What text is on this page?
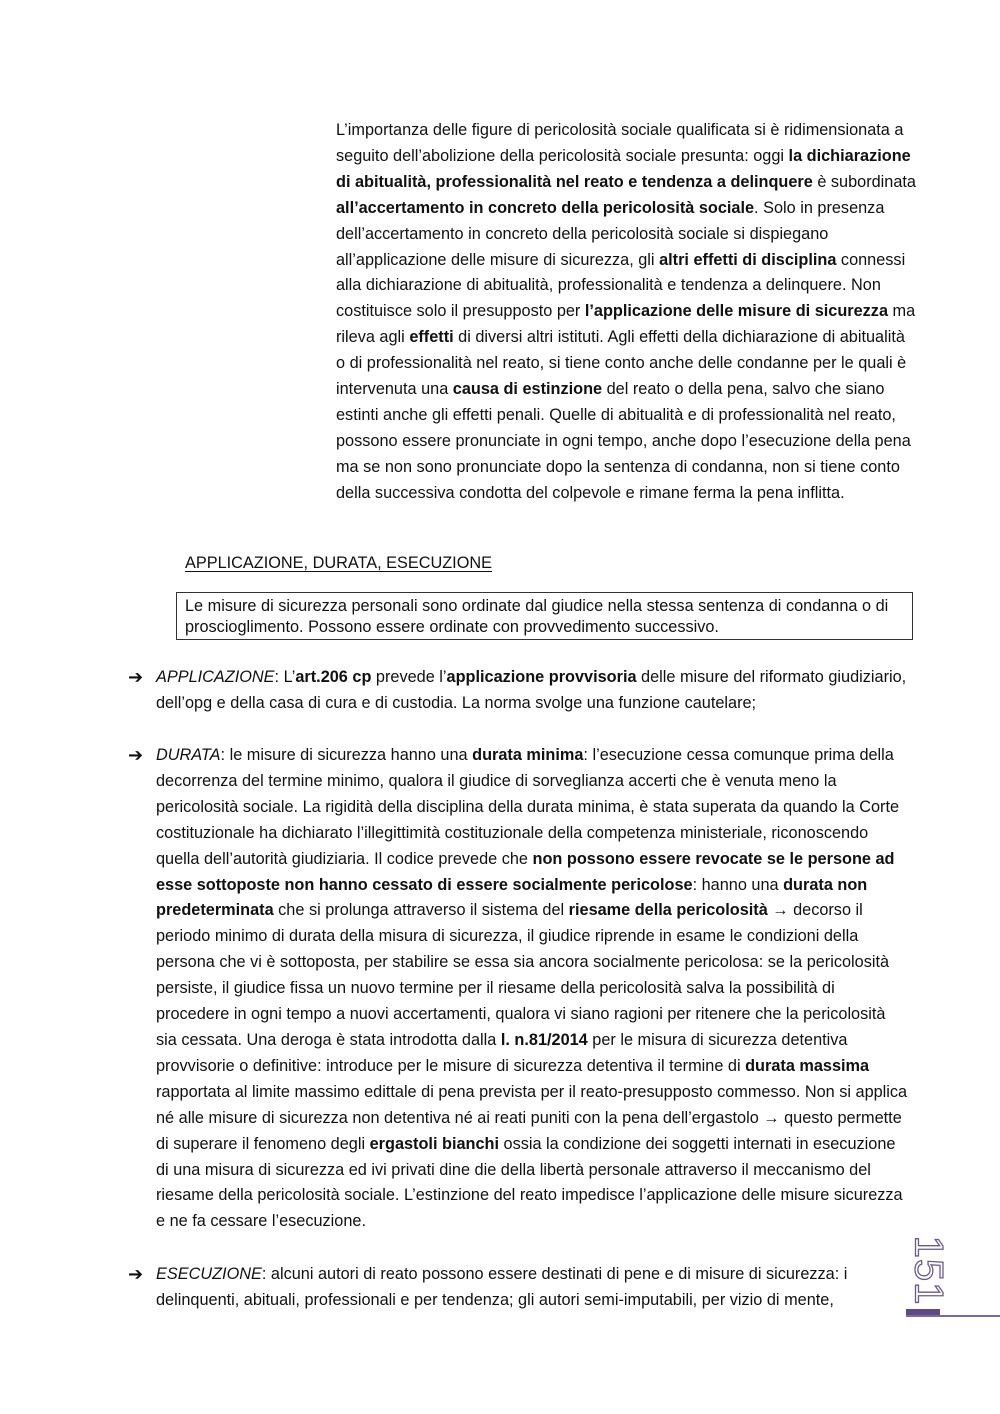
L’importanza delle figure di pericolosità sociale qualificata si è ridimensionata a seguito dell’abolizione della pericolosità sociale presunta: oggi la dichiarazione di abitualità, professionalità nel reato e tendenza a delinquere è subordinata all’accertamento in concreto della pericolosità sociale. Solo in presenza dell’accertamento in concreto della pericolosità sociale si dispiegano all’applicazione delle misure di sicurezza, gli altri effetti di disciplina connessi alla dichiarazione di abitualità, professionalità e tendenza a delinquere. Non costituisce solo il presupposto per l’applicazione delle misure di sicurezza ma rileva agli effetti di diversi altri istituti. Agli effetti della dichiarazione di abitualità o di professionalità nel reato, si tiene conto anche delle condanne per le quali è intervenuta una causa di estinzione del reato o della pena, salvo che siano estinti anche gli effetti penali. Quelle di abitualità e di professionalità nel reato, possono essere pronunciate in ogni tempo, anche dopo l’esecuzione della pena ma se non sono pronunciate dopo la sentenza di condanna, non si tiene conto della successiva condotta del colpevole e rimane ferma la pena inflitta.
APPLICAZIONE, DURATA, ESECUZIONE
Le misure di sicurezza personali sono ordinate dal giudice nella stessa sentenza di condanna o di proscioglimento. Possono essere ordinate con provvedimento successivo.
➔ APPLICAZIONE: L’art.206 cp prevede l’applicazione provvisoria delle misure del riformato giudiziario, dell’opg e della casa di cura e di custodia. La norma svolge una funzione cautelare;
➔ DURATA: le misure di sicurezza hanno una durata minima: l’esecuzione cessa comunque prima della decorrenza del termine minimo, qualora il giudice di sorveglianza accerti che è venuta meno la pericolosità sociale. La rigidità della disciplina della durata minima, è stata superata da quando la Corte costituzionale ha dichiarato l’illegittimità costituzionale della competenza ministeriale, riconoscendo quella dell’autorità giudiziaria. Il codice prevede che non possono essere revocate se le persone ad esse sottoposte non hanno cessato di essere socialmente pericolose: hanno una durata non predeterminata che si prolunga attraverso il sistema del riesame della pericolosità → decorso il periodo minimo di durata della misura di sicurezza, il giudice riprende in esame le condizioni della persona che vi è sottoposta, per stabilire se essa sia ancora socialmente pericolosa: se la pericolosità persiste, il giudice fissa un nuovo termine per il riesame della pericolosità salva la possibilità di procedere in ogni tempo a nuovi accertamenti, qualora vi siano ragioni per ritenere che la pericolosità sia cessata. Una deroga è stata introdotta dalla l. n.81/2014 per le misura di sicurezza detentiva provvisorie o definitive: introduce per le misure di sicurezza detentiva il termine di durata massima rapportata al limite massimo edittale di pena prevista per il reato-presupposto commesso. Non si applica né alle misure di sicurezza non detentiva né ai reati puniti con la pena dell’ergastolo → questo permette di superare il fenomeno degli ergastoli bianchi ossia la condizione dei soggetti internati in esecuzione di una misura di sicurezza ed ivi privati dine die della libertà personale attraverso il meccanismo del riesame della pericolosità sociale. L’estinzione del reato impedisce l’applicazione delle misure sicurezza e ne fa cessare l’esecuzione.
➔ ESECUZIONE: alcuni autori di reato possono essere destinati di pene e di misure di sicurezza: i delinquenti, abituali, professionali e per tendenza; gli autori semi-imputabili, per vizio di mente,	151
